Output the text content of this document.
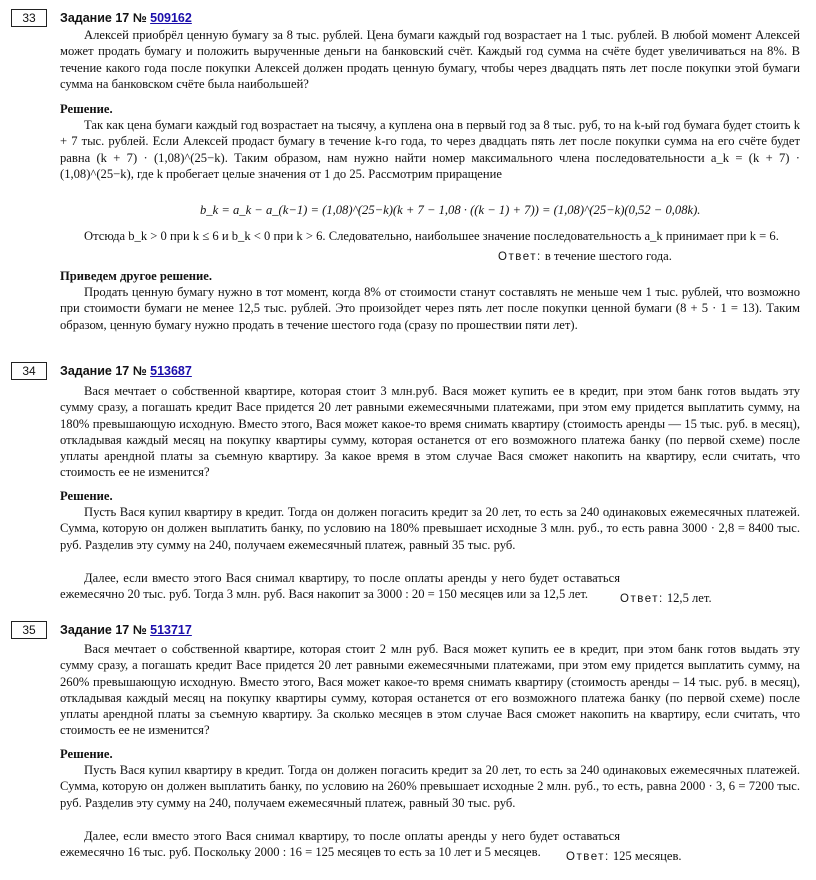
33	Задание 17 № 509162

Алексей приобрёл ценную бумагу за 8 тыс. рублей. Цена бумаги каждый год возрастает на 1 тыс. рублей. В любой момент Алексей может продать бумагу и положить вырученные деньги на банковский счёт. Каждый год сумма на счёте будет увеличиваться на 8%. В течение какого года после покупки Алексей должен продать ценную бумагу, чтобы через двадцать пять лет после покупки этой бумаги сумма на банковском счёте была наибольшей?

Решение.

Так как цена бумаги каждый год возрастает на тысячу, а куплена она в первый год за 8 тыс. руб, то на k-ый год бумага будет стоить k + 7 тыс. рублей. Если Алексей продаст бумагу в течение k-го года, то через двадцать пять лет после покупки сумма на его счёте будет равна (k + 7) · (1,08)^(25−k). Таким образом, нам нужно найти номер максимального члена последовательности a_k = (k + 7) · (1,08)^(25−k), где k пробегает целые значения от 1 до 25. Рассмотрим приращение

b_k = a_k − a_(k−1) = (1,08)^(25−k)(k + 7 − 1,08 · ((k − 1) + 7)) = (1,08)^(25−k)(0,52 − 0,08k).

Отсюда b_k > 0 при k ≤ 6 и b_k < 0 при k > 6. Следовательно, наибольшее значение последовательность a_k принимает при k = 6.

Ответ: в течение шестого года.
Приведем другое решение.

Продать ценную бумагу нужно в тот момент, когда 8% от стоимости станут составлять не меньше чем 1 тыс. рублей, что возможно при стоимости бумаги не менее 12,5 тыс. рублей. Это произойдет через пять лет после покупки ценной бумаги (8 + 5 · 1 = 13). Таким образом, ценную бумагу нужно продать в течение шестого года (сразу по прошествии пяти лет).

34	Задание 17 № 513687

Вася мечтает о собственной квартире, которая стоит 3 млн.руб. Вася может купить ее в кредит, при этом банк готов выдать эту сумму сразу, а погашать кредит Васе придется 20 лет равными ежемесячными платежами, при этом ему придется выплатить сумму, на 180% превышающую исходную. Вместо этого, Вася может какое-то время снимать квартиру (стоимость аренды — 15 тыс. руб. в месяц), откладывая каждый месяц на покупку квартиры сумму, которая останется от его возможного платежа банку (по первой схеме) после уплаты арендной платы за съемную квартиру. За какое время в этом случае Вася сможет накопить на квартиру, если считать, что стоимость ее не изменится?

Решение.

Пусть Вася купил квартиру в кредит. Тогда он должен погасить кредит за 20 лет, то есть за 240 одинаковых ежемесячных платежей. Сумма, которую он должен выплатить банку, по условию на 180% превышает исходные 3 млн. руб., то есть равна 3000 · 2,8 = 8400 тыс. руб. Разделив эту сумму на 240, получаем ежемесячный платеж, равный 35 тыс. руб.

Далее, если вместо этого Вася снимал квартиру, то после оплаты аренды у него будет оставаться ежемесячно 20 тыс. руб. Тогда 3 млн. руб. Вася накопит за 3000 : 20 = 150 месяцев или за 12,5 лет.	Ответ: 12,5 лет.
35	Задание 17 № 513717

Вася мечтает о собственной квартире, которая стоит 2 млн руб. Вася может купить ее в кредит, при этом банк готов выдать эту сумму сразу, а погашать кредит Васе придется 20 лет равными ежемесячными платежами, при этом ему придется выплатить сумму, на 260% превышающую исходную. Вместо этого, Вася может какое-то время снимать квартиру (стоимость аренды – 14 тыс. руб. в месяц), откладывая каждый месяц на покупку квартиры сумму, которая останется от его возможного платежа банку (по первой схеме) после уплаты арендной платы за съемную квартиру. За сколько месяцев в этом случае Вася сможет накопить на квартиру, если считать, что стоимость ее не изменится?

Решение.

Пусть Вася купил квартиру в кредит. Тогда он должен погасить кредит за 20 лет, то есть за 240 одинаковых ежемесячных платежей. Сумма, которую он должен выплатить банку, по условию на 260% превышает исходные 2 млн. руб., то есть, равна 2000 · 3, 6 = 7200 тыс. руб. Разделив эту сумму на 240, получаем ежемесячный платеж, равный 30 тыс. руб.

Далее, если вместо этого Вася снимал квартиру, то после оплаты аренды у него будет оставаться ежемесячно 16 тыс. руб. Поскольку 2000 : 16 = 125 месяцев то есть за 10 лет и 5 месяцев.	Ответ: 125 месяцев.
